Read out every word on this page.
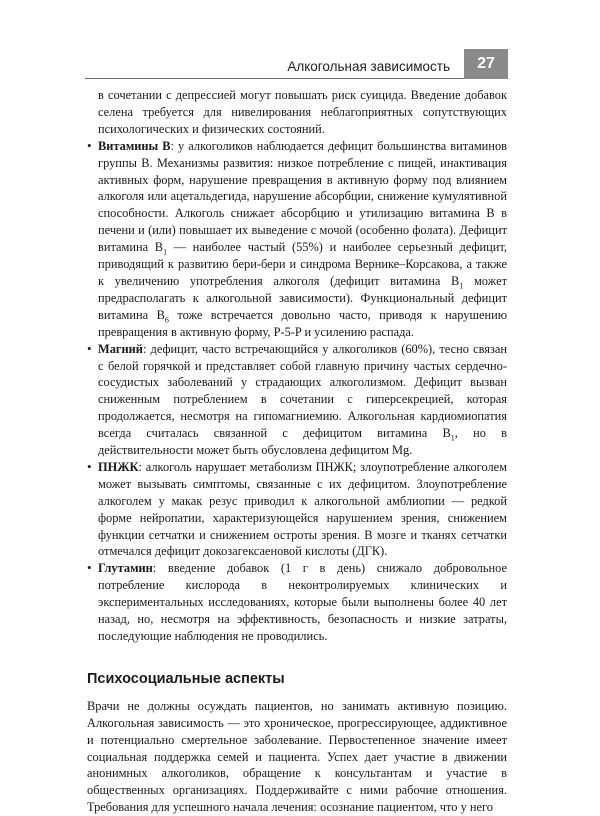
Алкогольная зависимость	27

в сочетании с депрессией могут повышать риск суицида. Введение добавок селена требуется для нивелирования неблагоприятных сопутствующих психологических и физических состояний.

• Витамины B: у алкоголиков наблюдается дефицит большинства витаминов группы B. Механизмы развития: низкое потребление с пищей, инактивация активных форм, нарушение превращения в активную форму под влиянием алкоголя или ацетальдегида, нарушение абсорбции, снижение кумулятивной способности. Алкоголь снижает абсорбцию и утилизацию витамина B в печени и (или) повышает их выведение с мочой (особенно фолата). Дефицит витамина $B_1$ — наиболее частый (55%) и наиболее серьезный дефицит, приводящий к развитию бери-бери и синдрома Вернике–Корсакова, а также к увеличению употребления алкоголя (дефицит витамина $B_1$ может предрасполагать к алкогольной зависимости). Функциональный дефицит витамина $B_6$ тоже встречается довольно часто, приводя к нарушению превращения в активную форму, P-5-P и усилению распада.
• Магний: дефицит, часто встречающийся у алкоголиков (60%), тесно связан с белой горячкой и представляет собой главную причину частых сердечно-сосудистых заболеваний у страдающих алкоголизмом. Дефицит вызван сниженным потреблением в сочетании с гиперсекрецией, которая продолжается, несмотря на гипомагниемию. Алкогольная кардиомиопатия всегда считалась связанной с дефицитом витамина $B_1$, но в действительности может быть обусловлена дефицитом Mg.
• ПНЖК: алкоголь нарушает метаболизм ПНЖК; злоупотребление алкоголем может вызывать симптомы, связанные с их дефицитом. Злоупотребление алкоголем у макак резус приводил к алкогольной амблиопии — редкой форме нейропатии, характеризующейся нарушением зрения, снижением функции сетчатки и снижением остроты зрения. В мозге и тканях сетчатки отмечался дефицит докозагексаеновой кислоты (ДГК).
• Глутамин: введение добавок (1 г в день) снижало добровольное потребление кислорода в неконтролируемых клинических и экспериментальных исследованиях, которые были выполнены более 40 лет назад, но, несмотря на эффективность, безопасность и низкие затраты, последующие наблюдения не проводились.
Психосоциальные аспекты

Врачи не должны осуждать пациентов, но занимать активную позицию. Алкогольная зависимость — это хроническое, прогрессирующее, аддиктивное и потенциально смертельное заболевание. Первостепенное значение имеет социальная поддержка семей и пациента. Успех дает участие в движении анонимных алкоголиков, обращение к консультантам и участие в общественных организациях. Поддерживайте с ними рабочие отношения. Требования для успешного начала лечения: осознание пациентом, что у него
